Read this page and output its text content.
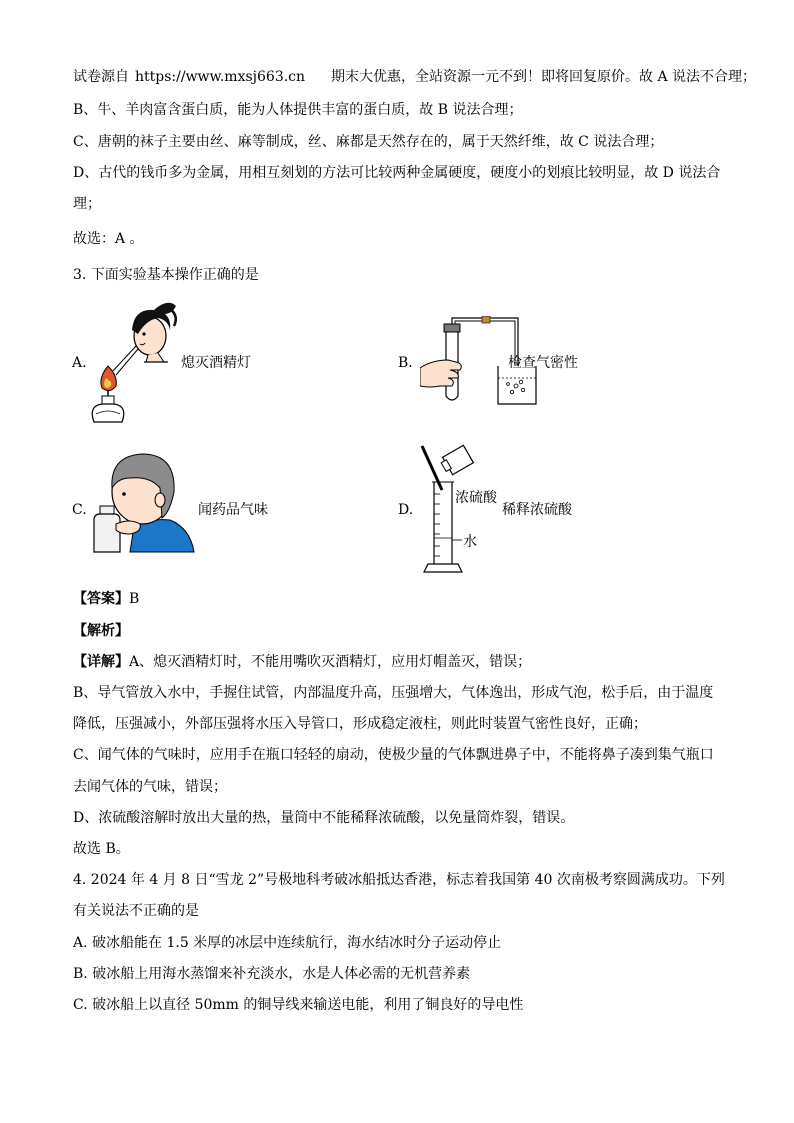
试卷源自 https://www.mxsj663.cn 期末大优惠，全站资源一元不到！即将回复原价。故 A 说法不合理；
B、牛、羊肉富含蛋白质，能为人体提供丰富的蛋白质，故 B 说法合理；
C、唐朝的袜子主要由丝、麻等制成，丝、麻都是天然存在的，属于天然纤维，故 C 说法合理；
D、古代的钱币多为金属，用相互刻划的方法可比较两种金属硬度，硬度小的划痕比较明显，故 D 说法合
理；
故选：A 。
3. 下面实验基本操作正确的是
A.	熄灭酒精灯	B.	检查气密性
C.	闻药品气味	D.
浓硫酸
稀释浓硫酸
水
【答案】B
【解析】
【详解】A、熄灭酒精灯时，不能用嘴吹灭酒精灯，应用灯帽盖灭，错误；
B、导气管放入水中，手握住试管，内部温度升高，压强增大，气体逸出，形成气泡，松手后，由于温度
降低，压强减小，外部压强将水压入导管口，形成稳定液柱，则此时装置气密性良好，正确；
C、闻气体的气味时，应用手在瓶口轻轻的扇动，使极少量的气体飘进鼻子中，不能将鼻子凑到集气瓶口
去闻气体的气味，错误；
D、浓硫酸溶解时放出大量的热，量筒中不能稀释浓硫酸，以免量筒炸裂，错误。
故选 B。
4. 2024 年 4 月 8 日“雪龙 2”号极地科考破冰船抵达香港，标志着我国第 40 次南极考察圆满成功。下列
有关说法不正确的是
A. 破冰船能在 1.5 米厚的冰层中连续航行，海水结冰时分子运动停止
B. 破冰船上用海水蒸馏来补充淡水，水是人体必需的无机营养素
C. 破冰船上以直径 50mm 的铜导线来输送电能，利用了铜良好的导电性
